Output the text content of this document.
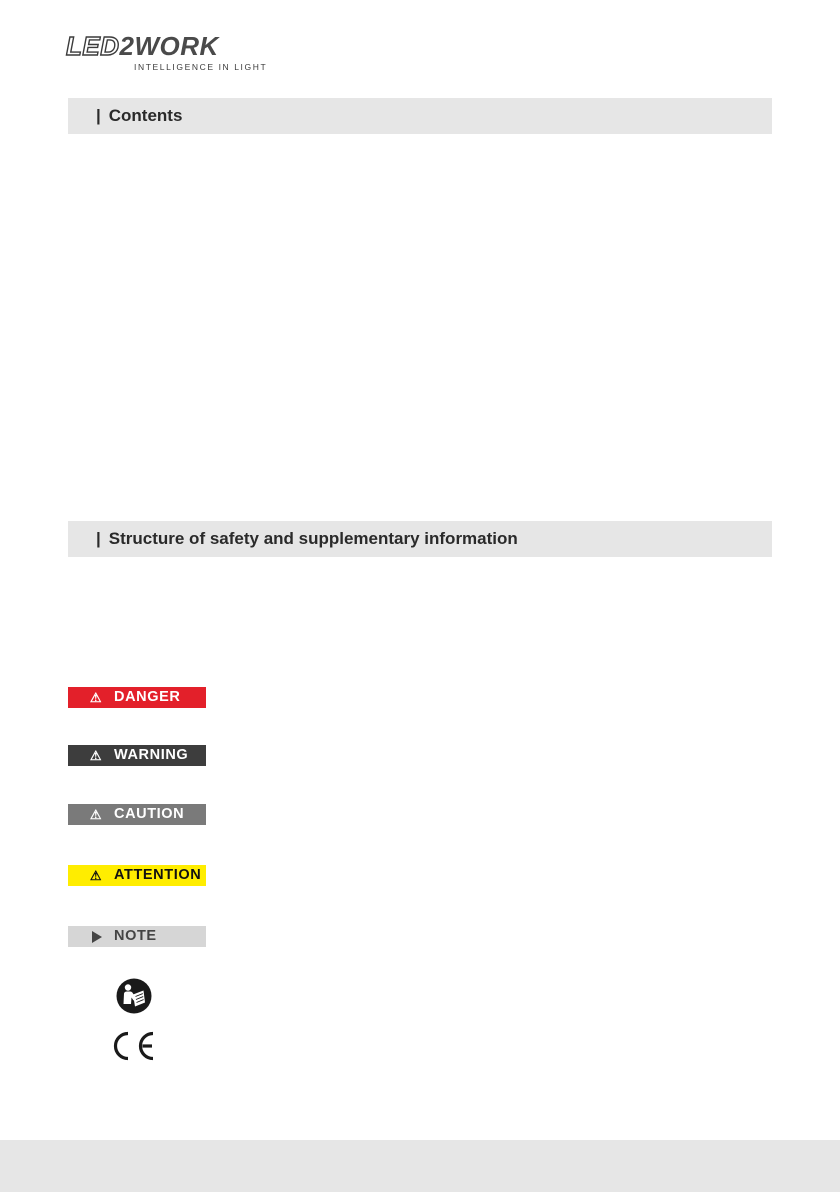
LED2WORK
INTELLIGENCE IN LIGHT
| Contents
| Structure of safety and supplementary information
⚠ DANGER
⚠ WARNING
⚠ CAUTION
⚠ ATTENTION
NOTE
